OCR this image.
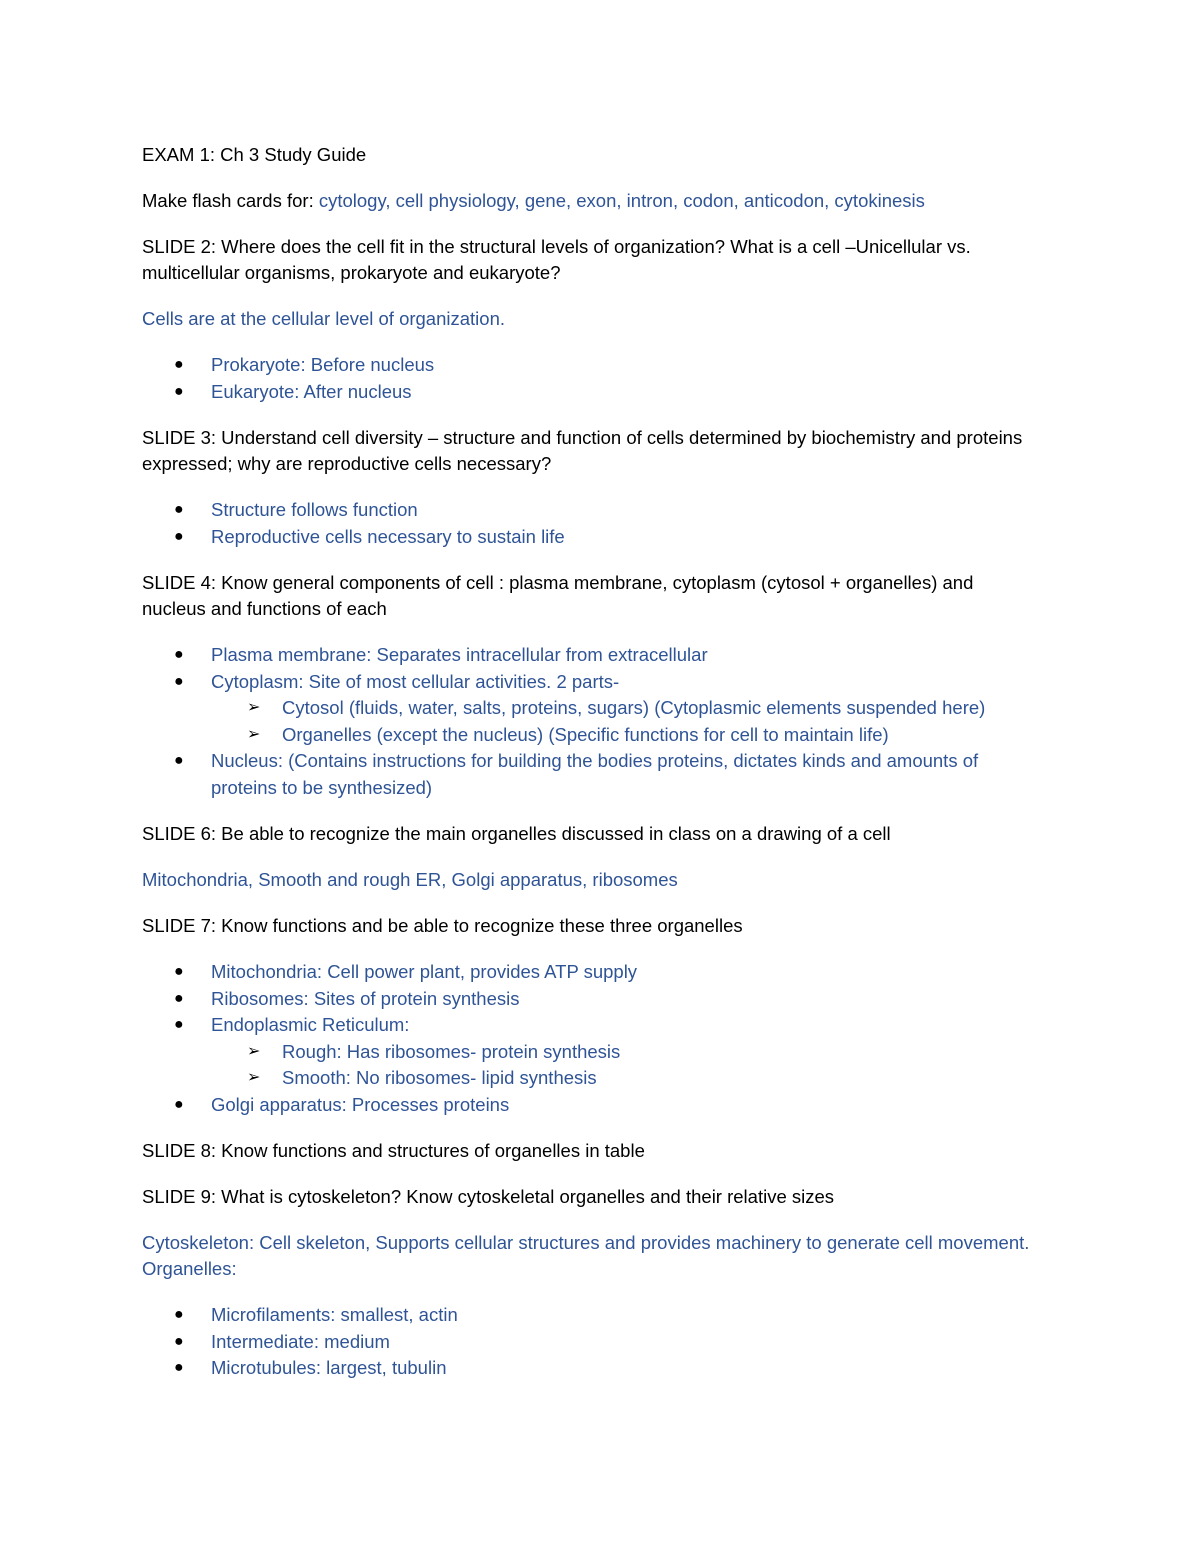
EXAM 1: Ch 3 Study Guide

Make flash cards for: cytology, cell physiology, gene, exon, intron, codon, anticodon, cytokinesis

SLIDE 2: Where does the cell fit in the structural levels of organization? What is a cell –Unicellular vs. multicellular organisms, prokaryote and eukaryote?

Cells are at the cellular level of organization.

● Prokaryote: Before nucleus
● Eukaryote: After nucleus

SLIDE 3: Understand cell diversity – structure and function of cells determined by biochemistry and proteins expressed; why are reproductive cells necessary?

● Structure follows function
● Reproductive cells necessary to sustain life

SLIDE 4: Know general components of cell : plasma membrane, cytoplasm (cytosol + organelles) and nucleus and functions of each

● Plasma membrane: Separates intracellular from extracellular
● Cytoplasm: Site of most cellular activities. 2 parts-
➢ Cytosol (fluids, water, salts, proteins, sugars) (Cytoplasmic elements suspended here)
➢ Organelles (except the nucleus) (Specific functions for cell to maintain life)
● Nucleus: (Contains instructions for building the bodies proteins, dictates kinds and amounts of proteins to be synthesized)

SLIDE 6: Be able to recognize the main organelles discussed in class on a drawing of a cell

Mitochondria, Smooth and rough ER, Golgi apparatus, ribosomes

SLIDE 7: Know functions and be able to recognize these three organelles

● Mitochondria: Cell power plant, provides ATP supply
● Ribosomes: Sites of protein synthesis
● Endoplasmic Reticulum:
➢ Rough: Has ribosomes- protein synthesis
➢ Smooth: No ribosomes- lipid synthesis
● Golgi apparatus: Processes proteins

SLIDE 8: Know functions and structures of organelles in table

SLIDE 9: What is cytoskeleton? Know cytoskeletal organelles and their relative sizes

Cytoskeleton: Cell skeleton, Supports cellular structures and provides machinery to generate cell movement. Organelles:

● Microfilaments: smallest, actin
● Intermediate: medium
● Microtubules: largest, tubulin
